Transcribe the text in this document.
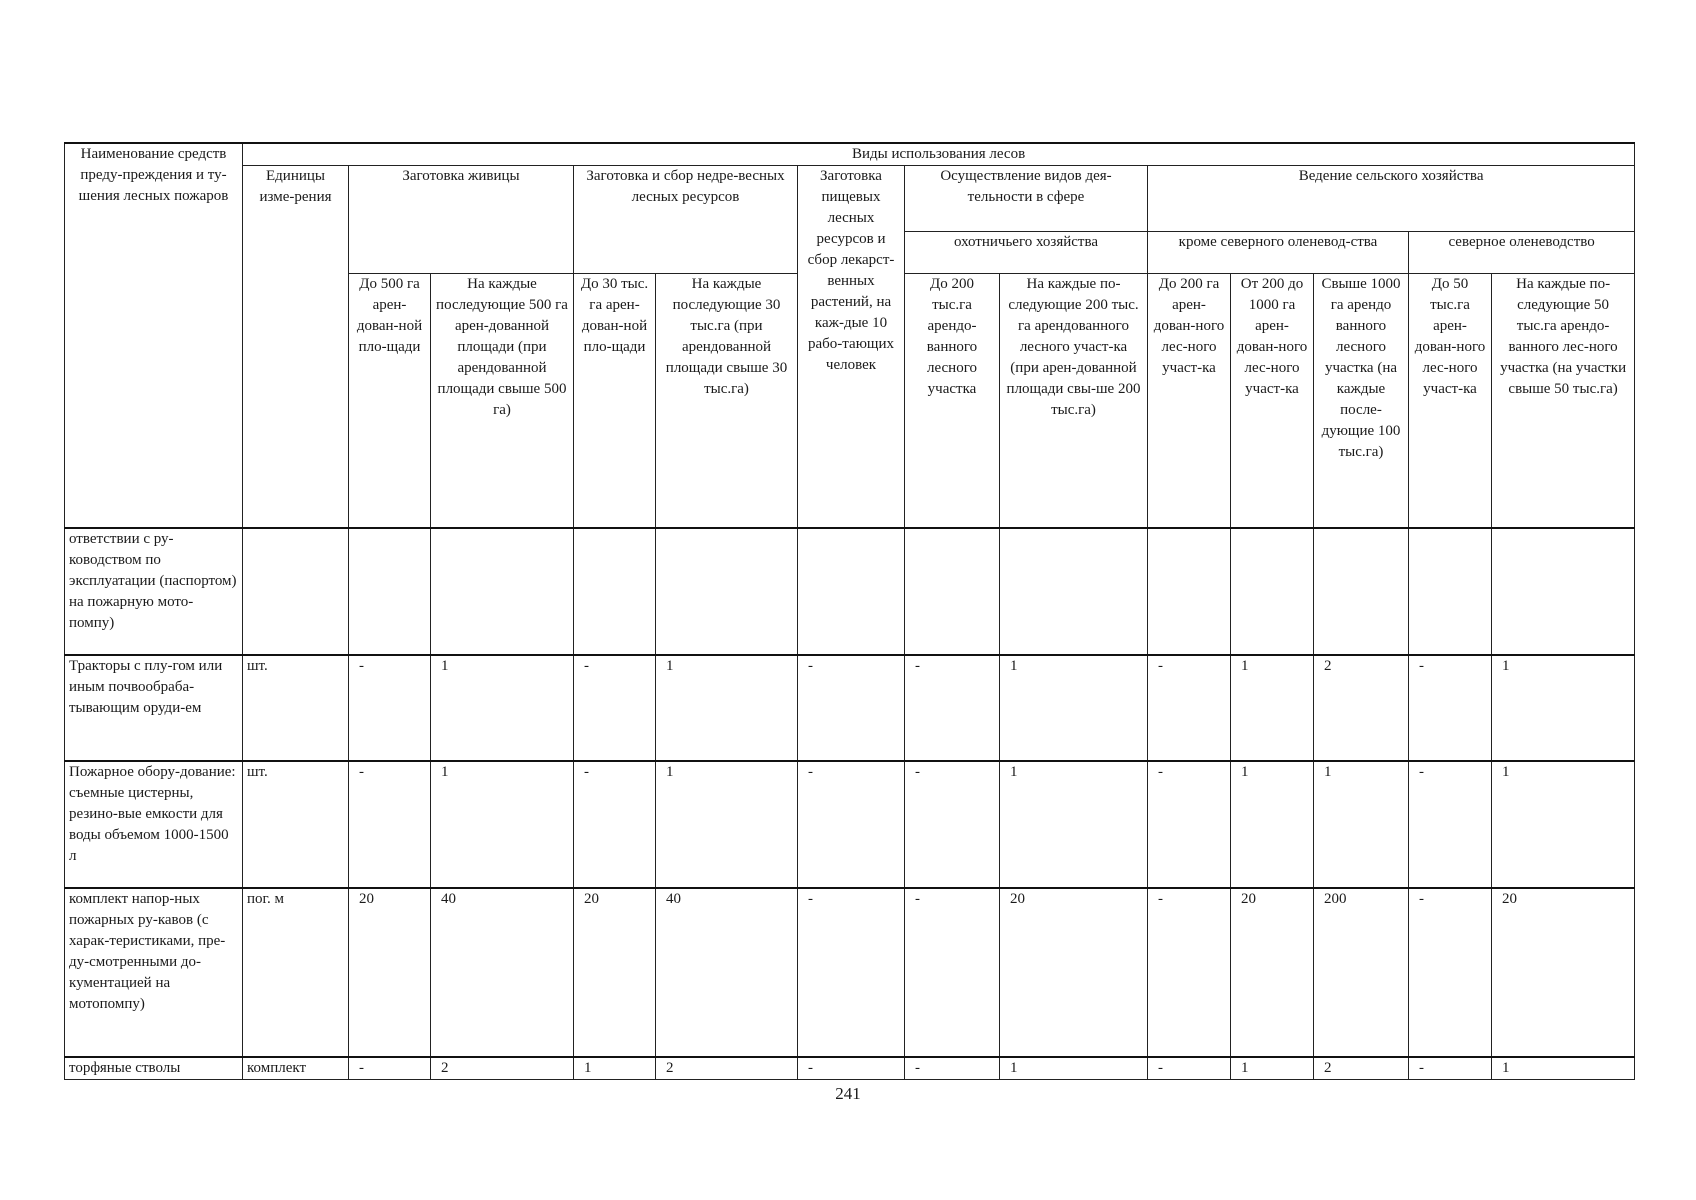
Наименование средств преду-преждения и ту-шения лесных пожаров	Виды использования лесов												
	Единицы изме-рения	Заготовка живицы		Заготовка и сбор недре-весных лесных ресурсов		Заготовка пищевых лесных ресурсов и сбор лекарст-венных растений, на каж-дые 10 рабо-тающих человек	Осуществление видов дея-тельности в сфере		Ведение сельского хозяйства				
							охотничьего хозяйства		кроме северного оленевод-ства			северное оленеводство	
		До 500 га арен-дован-ной пло-щади	На каждые последующие 500 га арен-дованной площади (при арендованной площади свыше 500 га)	До 30 тыс. га арен-дован-ной пло-щади	На каждые последующие 30 тыс.га (при арендованной площади свыше 30 тыс.га)		До 200 тыс.га арендо-ванного лесного участка	На каждые по-следующие 200 тыс. га арендованного лесного участ-ка (при арен-дованной площади свы-ше 200 тыс.га)	До 200 га арен-дован-ного лес-ного участ-ка	От 200 до 1000 га арен-дован-ного лес-ного участ-ка	Свыше 1000 га арендо ванного лесного участка (на каждые после-дующие 100 тыс.га)	До 50 тыс.га арен-дован-ного лес-ного участ-ка	На каждые по-следующие 50 тыс.га арендо-ванного лес-ного участка (на участки свыше 50 тыс.га)
ответствии с ру-ководством по эксплуатации (паспортом) на пожарную мото-помпу)													
Тракторы с плу-гом или иным почвообраба-тывающим оруди-ем	шт.	-	1	-	1	-	-	1	-	1	2	-	1
Пожарное обору-дование: съемные цистерны, резино-вые емкости для воды объемом 1000-1500 л	шт.	-	1	-	1	-	-	1	-	1	1	-	1
комплект напор-ных пожарных ру-кавов (с харак-теристиками, пре-ду-смотренными до-кументацией на мотопомпу)	пог. м	20	40	20	40	-	-	20	-	20	200	-	20
торфяные стволы	комплект	-	2	1	2	-	-	1	-	1	2	-	1
241
